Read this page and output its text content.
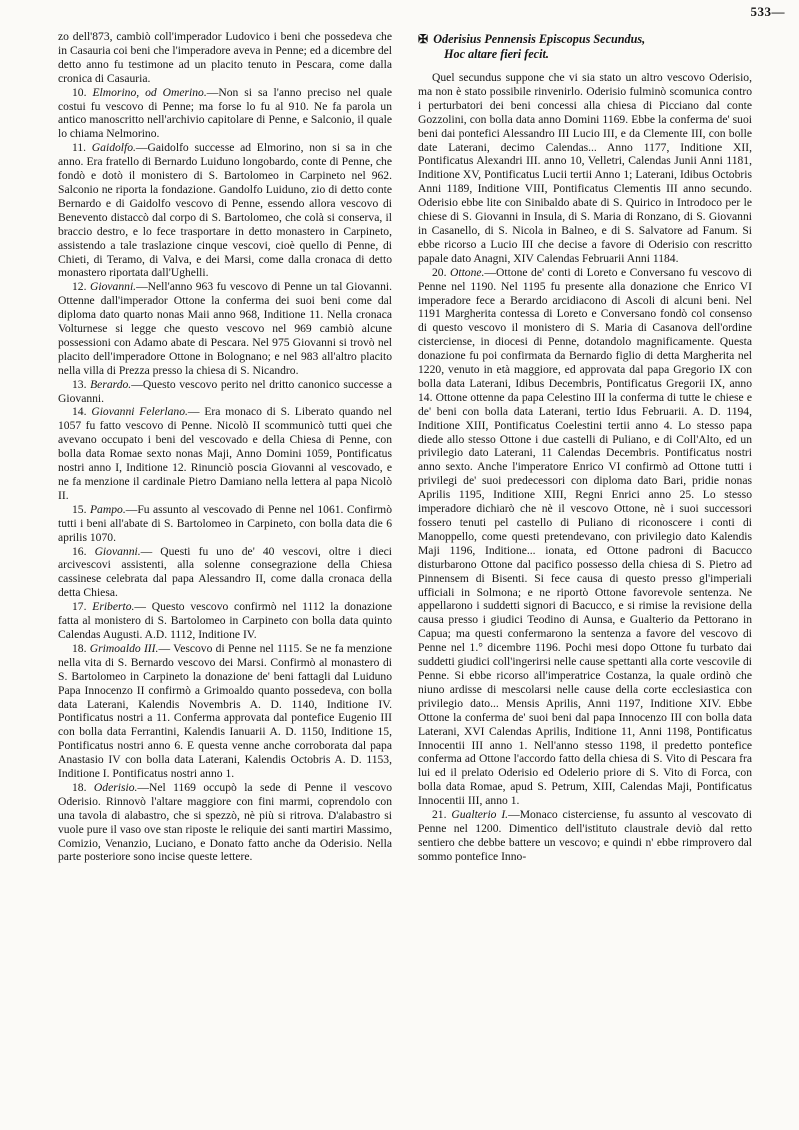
533—

zo dell'873, cambiò coll'imperador Ludovico i beni che possedeva che in Casauria coi beni che l'imperadore aveva in Penne; ed a dicembre del detto anno fu testimone ad un placito tenuto in Pescara, come dalla cronica di Casauria.

10. Elmorino, od Omerino.—Non si sa l'anno preciso nel quale costui fu vescovo di Penne; ma forse lo fu al 910. Ne fa parola un antico manoscritto nell'archivio capitolare di Penne, e Salconio, il quale lo chiama Nelmorino.

11. Gaidolfo.—Gaidolfo successe ad Elmorino, non si sa in che anno. Era fratello di Bernardo Luiduno longobardo, conte di Penne, che fondò e dotò il monistero di S. Bartolomeo in Carpineto nel 962. Salconio ne riporta la fondazione. Gandolfo Luiduno, zio di detto conte Bernardo e di Gaidolfo vescovo di Penne, essendo allora vescovo di Benevento distaccò dal corpo di S. Bartolomeo, che colà si conserva, il braccio destro, e lo fece trasportare in detto monastero in Carpineto, assistendo a tale traslazione cinque vescovi, cioè quello di Penne, di Chieti, di Teramo, di Valva, e dei Marsi, come dalla cronaca di detto monastero riportata dall'Ughelli.

12. Giovanni.—Nell'anno 963 fu vescovo di Penne un tal Giovanni. Ottenne dall'imperador Ottone la conferma dei suoi beni come dal diploma dato quarto nonas Maii anno 968, Inditione 11. Nella cronaca Volturnese si legge che questo vescovo nel 969 cambiò alcune possessioni con Adamo abate di Pescara. Nel 975 Giovanni si trovò nel placito dell'imperadore Ottone in Bolognano; e nel 983 all'altro placito nella villa di Prezza presso la chiesa di S. Nicandro.

13. Berardo.—Questo vescovo perito nel dritto canonico successe a Giovanni.

14. Giovanni Felerlano.— Era monaco di S. Liberato quando nel 1057 fu fatto vescovo di Penne. Nicolò II scommunicò tutti quei che avevano occupato i beni del vescovado e della Chiesa di Penne, con bolla data Romae sexto nonas Maji, Anno Domini 1059, Pontificatus nostri anno I, Inditione 12. Rinunciò poscia Giovanni al vescovado, e ne fa menzione il cardinale Pietro Damiano nella lettera al papa Nicolò II.

15. Pampo.—Fu assunto al vescovado di Penne nel 1061. Confirmò tutti i beni all'abate di S. Bartolomeo in Carpineto, con bolla data die 6 aprilis 1070.

16. Giovanni.— Questi fu uno de' 40 vescovi, oltre i dieci arcivescovi assistenti, alla solenne consegrazione della Chiesa cassinese celebrata dal papa Alessandro II, come dalla cronaca della detta Chiesa.

17. Eriberto.— Questo vescovo confirmò nel 1112 la donazione fatta al monistero di S. Bartolomeo in Carpineto con bolla data quinto Calendas Augusti. A.D. 1112, Inditione IV.

18. Grimoaldo III.— Vescovo di Penne nel 1115. Se ne fa menzione nella vita di S. Bernardo vescovo dei Marsi. Confirmò al monastero di S. Bartolomeo in Carpineto la donazione de' beni fattagli dal Luiduno Papa Innocenzo II confirmò a Grimoaldo quanto possedeva, con bolla data Laterani, Kalendis Novembris A. D. 1140, Inditione IV. Pontificatus nostri a 11. Conferma approvata dal pontefice Eugenio III con bolla data Ferrantini, Kalendis Ianuarii A. D. 1150, Inditione 15, Pontificatus nostri anno 6. E questa venne anche corroborata dal papa Anastasio IV con bolla data Laterani, Kalendis Octobris A. D. 1153, Inditione I. Pontificatus nostri anno 1.

18. Oderisio.—Nel 1169 occupò la sede di Penne il vescovo Oderisio. Rinnovò l'altare maggiore con fini marmi, coprendolo con una tavola di alabastro, che si spezzò, nè più si ritrova. D'alabastro si vuole pure il vaso ove stan riposte le reliquie dei santi martiri Massimo, Comizio, Venanzio, Luciano, e Donato fatto anche da Oderisio. Nella parte posteriore sono incise queste lettere.

✠ Oderisius Pennensis Episcopus Secundus,
Hoc altare fieri fecit.

Quel secundus suppone che vi sia stato un altro vescovo Oderisio, ma non è stato possibile rinvenirlo. Oderisio fulminò scomunica contro i perturbatori dei beni concessi alla chiesa di Picciano dal conte Gozzolini, con bolla data anno Domini 1169. Ebbe la conferma de' suoi beni dai pontefici Alessandro III Lucio III, e da Clemente III, con bolle date Laterani, decimo Calendas... Anno 1177, Inditione XII, Pontificatus Alexandri III. anno 10, Velletri, Calendas Junii Anni 1181, Inditione XV, Pontificatus Lucii tertii Anno 1; Laterani, Idibus Octobris Anni 1189, Inditione VIII, Pontificatus Clementis III anno secundo. Oderisio ebbe lite con Sinibaldo abate di S. Quirico in Introdoco per le chiese di S. Giovanni in Insula, di S. Maria di Ronzano, di S. Giovanni in Casanello, di S. Nicola in Balneo, e di S. Salvatore ad Fanum. Si ebbe ricorso a Lucio III che decise a favore di Oderisio con rescritto papale dato Anagni, XIV Calendas Februarii Anni 1184.

20. Ottone.—Ottone de' conti di Loreto e Conversano fu vescovo di Penne nel 1190. Nel 1195 fu presente alla donazione che Enrico VI imperadore fece a Berardo arcidiacono di Ascoli di alcuni beni. Nel 1191 Margherita contessa di Loreto e Conversano fondò col consenso di questo vescovo il monistero di S. Maria di Casanova dell'ordine cisterciense, in diocesi di Penne, dotandolo magnificamente. Questa donazione fu poi confirmata da Bernardo figlio di detta Margherita nel 1220, venuto in età maggiore, ed approvata dal papa Gregorio IX con bolla data Laterani, Idibus Decembris, Pontificatus Gregorii IX, anno 14. Ottone ottenne da papa Celestino III la conferma di tutte le chiese e de' beni con bolla data Laterani, tertio Idus Februarii. A. D. 1194, Inditione XIII, Pontificatus Coelestini tertii anno 4. Lo stesso papa diede allo stesso Ottone i due castelli di Puliano, e di Coll'Alto, ed un privilegio dato Laterani, 11 Calendas Decembris. Pontificatus nostri anno sexto. Anche l'imperatore Enrico VI confirmò ad Ottone tutti i privilegi de' suoi predecessori con diploma dato Bari, pridie nonas Aprilis 1195, Inditione XIII, Regni Enrici anno 25. Lo stesso imperadore dichiarò che nè il vescovo Ottone, nè i suoi successori fossero tenuti pel castello di Puliano di riconoscere i conti di Manoppello, come questi pretendevano, con privilegio dato Kalendis Maji 1196, Inditione... ionata, ed Ottone padroni di Bacucco disturbarono Ottone dal pacifico possesso della chiesa di S. Pietro ad Pinnensem di Bisenti. Si fece causa di questo presso gl'imperiali ufficiali in Solmona; e ne riportò Ottone favorevole sentenza. Ne appellarono i suddetti signori di Bacucco, e si rimise la revisione della causa presso i giudici Teodino di Aunsa, e Gualterio da Pettorano in Capua; ma questi confermarono la sentenza a favore del vescovo di Penne nel 1.° dicembre 1196. Pochi mesi dopo Ottone fu turbato dai suddetti giudici coll'ingerirsi nelle cause spettanti alla corte vescovile di Penne. Si ebbe ricorso all'imperatrice Costanza, la quale ordinò che niuno ardisse di mescolarsi nelle cause della corte ecclesiastica con privilegio dato... Mensis Aprilis, Anni 1197, Inditione XIV. Ebbe Ottone la conferma de' suoi beni dal papa Innocenzo III con bolla data Laterani, XVI Calendas Aprilis, Inditione 11, Anni 1198, Pontificatus Innocentii III anno 1. Nell'anno stesso 1198, il predetto pontefice conferma ad Ottone l'accordo fatto della chiesa di S. Vito di Pescara fra lui ed il prelato Oderisio ed Odelerio priore di S. Vito di Forca, con bolla data Romae, apud S. Petrum, XIII, Calendas Maji, Pontificatus Innocentii III, anno 1.

21. Gualterio I.—Monaco cisterciense, fu assunto al vescovato di Penne nel 1200. Dimentico dell'istituto claustrale deviò dal retto sentiero che debbe battere un vescovo; e quindi n' ebbe rimprovero dal sommo pontefice Inno-
